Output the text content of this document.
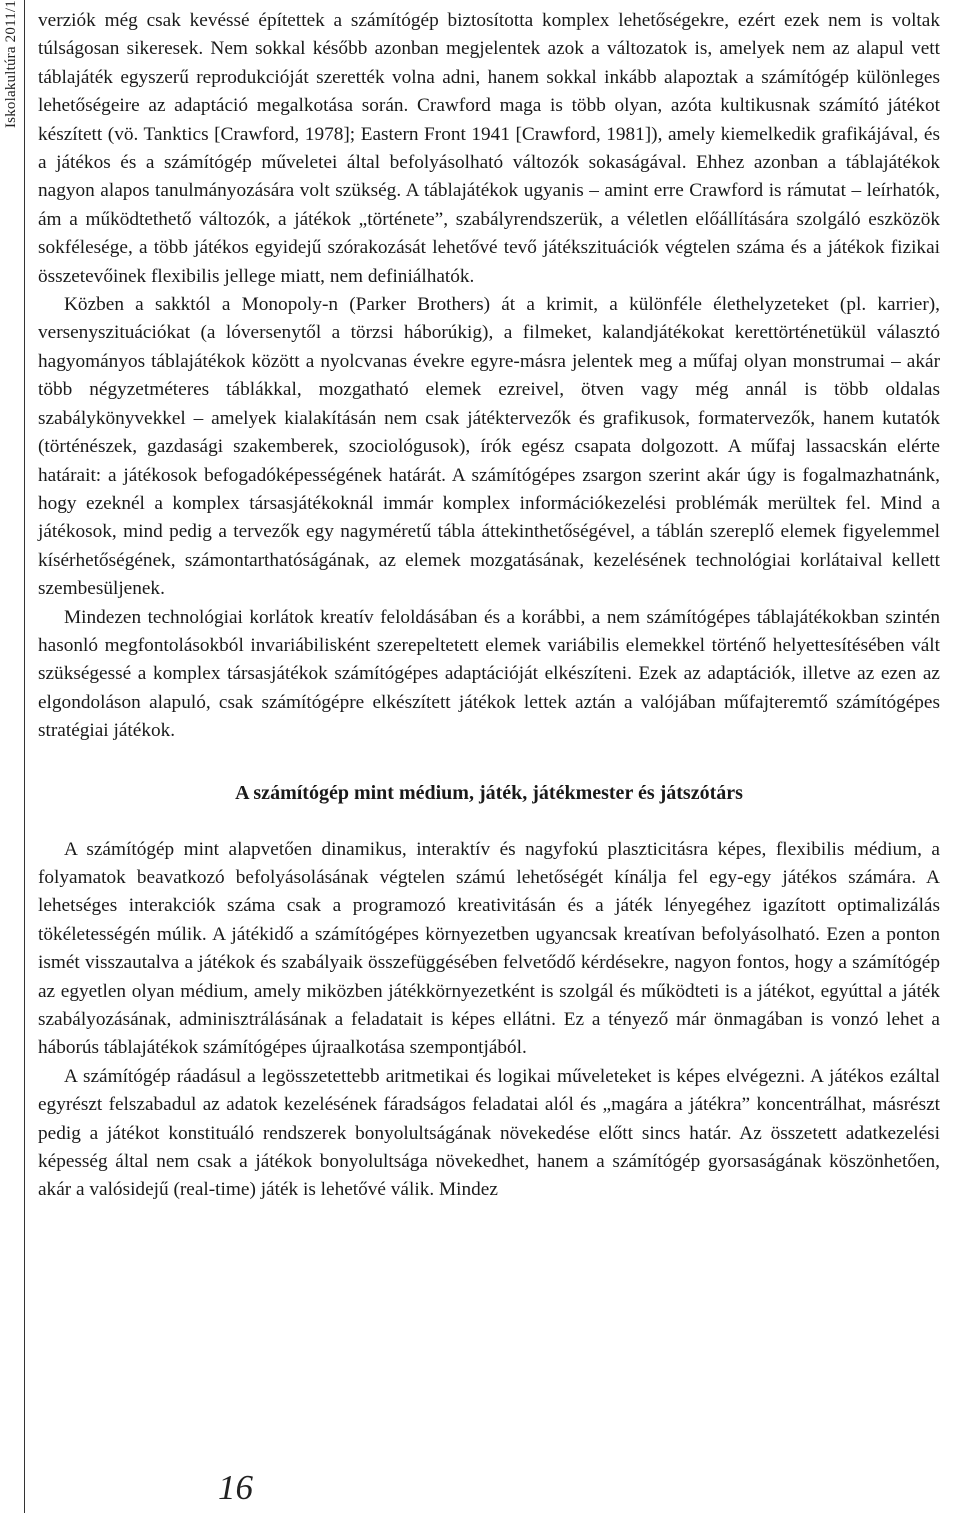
Iskolakultúra 2011/1 verziók még csak kevéssé építettek a számítógép biztosította komplex lehetőségekre, ezért ezek nem is voltak túlságosan sikeresek. Nem sokkal később azonban megjelentek azok a változatok is, amelyek nem az alapul vett táblajáték egyszerű reprodukcióját szerették volna adni, hanem sokkal inkább alapoztak a számítógép különleges lehetőségeire az adaptáció megalkotása során. Crawford maga is több olyan, azóta kultikusnak számító játékot készített (vö. Tanktics [Crawford, 1978]; Eastern Front 1941 [Crawford, 1981]), amely kiemelkedik grafikájával, és a játékos és a számítógép műveletei által befolyásolható változók sokaságával. Ehhez azonban a táblajátékok nagyon alapos tanulmányozására volt szükség. A táblajátékok ugyanis – amint erre Crawford is rámutat – leírhatók, ám a működtethető változók, a játékok „története”, szabályrendszerük, a véletlen előállítására szolgáló eszközök sokfélesége, a több játékos egyidejű szórakozását lehetővé tevő játékszituációk végtelen száma és a játékok fizikai összetevőinek flexibilis jellege miatt, nem definiálhatók.

Közben a sakktól a Monopoly-n (Parker Brothers) át a krimit, a különféle élethelyzeteket (pl. karrier), versenyszituációkat (a lóversenytől a törzsi háborúkig), a filmeket, kalandjátékokat kerettörténetükül választó hagyományos táblajátékok között a nyolcvanas évekre egyre-másra jelentek meg a műfaj olyan monstrumai – akár több négyzetméteres táblákkal, mozgatható elemek ezreivel, ötven vagy még annál is több oldalas szabálykönyvekkel – amelyek kialakításán nem csak játéktervezők és grafikusok, formatervezők, hanem kutatók (történészek, gazdasági szakemberek, szociológusok), írók egész csapata dolgozott. A műfaj lassacskán elérte határait: a játékosok befogadóképességének határát. A számítógépes zsargon szerint akár úgy is fogalmazhatnánk, hogy ezeknél a komplex társasjátékoknál immár komplex információkezelési problémák merültek fel. Mind a játékosok, mind pedig a tervezők egy nagyméretű tábla áttekinthetőségével, a táblán szereplő elemek figyelemmel kísérhetőségének, számontarthatóságának, az elemek mozgatásának, kezelésének technológiai korlátaival kellett szembesüljenek.

Mindezen technológiai korlátok kreatív feloldásában és a korábbi, a nem számítógépes táblajátékokban szintén hasonló megfontolásokból invariábilisként szerepeltetett elemek variábilis elemekkel történő helyettesítésében vált szükségessé a komplex társasjátékok számítógépes adaptációját elkészíteni. Ezek az adaptációk, illetve az ezen az elgondoláson alapuló, csak számítógépre elkészített játékok lettek aztán a valójában műfajteremtő számítógépes stratégiai játékok.

A számítógép mint médium, játék, játékmester és játszótárs

A számítógép mint alapvetően dinamikus, interaktív és nagyfokú plaszticitásra képes, flexibilis médium, a folyamatok beavatkozó befolyásolásának végtelen számú lehetőségét kínálja fel egy-egy játékos számára. A lehetséges interakciók száma csak a programozó kreativitásán és a játék lényegéhez igazított optimalizálás tökéletességén múlik. A játékidő a számítógépes környezetben ugyancsak kreatívan befolyásolható. Ezen a ponton ismét visszautalva a játékok és szabályaik összefüggésében felvetődő kérdésekre, nagyon fontos, hogy a számítógép az egyetlen olyan médium, amely miközben játékkörnyezetként is szolgál és működteti is a játékot, egyúttal a játék szabályozásának, adminisztrálásának a feladatait is képes ellátni. Ez a tényező már önmagában is vonzó lehet a háborús táblajátékok számítógépes újraalkotása szempontjából.

A számítógép ráadásul a legösszetettebb aritmetikai és logikai műveleteket is képes elvégezni. A játékos ezáltal egyrészt felszabadul az adatok kezelésének fáradságos feladatai alól és „magára a játékra” koncentrálhat, másrészt pedig a játékot konstituáló rendszerek bonyolultságának növekedése előtt sincs határ. Az összetett adatkezelési képesség által nem csak a játékok bonyolultsága növekedhet, hanem a számítógép gyorsaságának köszönhetően, akár a valósidejű (real-time) játék is lehetővé válik. Mindez

16
